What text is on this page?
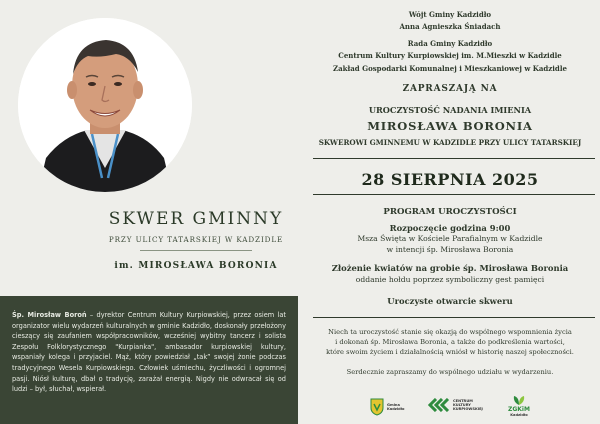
SKWER GMINNY
PRZY ULICY TATARSKIEJ W KADZIDLE
im. MIROSŁAWA BORONIA
Śp. Mirosław Boroń – dyrektor Centrum Kultury Kurpiowskiej, przez osiem lat organizator wielu wydarzeń kulturalnych w gminie Kadzidło, doskonały przełożony cieszący się zaufaniem współpracowników, wcześniej wybitny tancerz i solista Zespołu Folklorystycznego "Kurpianka", ambasador kurpiowskiej kultury, wspaniały kolega i przyjaciel. Mąż, który powiedział „tak” swojej żonie podczas tradycyjnego Wesela Kurpiowskiego. Człowiek uśmiechu, życzliwości i ogromnej pasji. Niósł kulturę, dbał o tradycję, zarażał energią. Nigdy nie odwracał się od ludzi – był, słuchał, wspierał.
Wójt Gminy Kadzidło
Anna Agnieszka Śniadach
Rada Gminy Kadzidło
Centrum Kultury Kurpiowskiej im. M.Mieszki w Kadzidle
Zakład Gospodarki Komunalnej i Mieszkaniowej w Kadzidle
ZAPRASZAJĄ NA
UROCZYSTOŚĆ NADANIA IMIENIA
MIROSŁAWA BORONIA
SKWEROWI GMINNEMU W KADZIDLE PRZY ULICY TATARSKIEJ
28 SIERPNIA 2025
PROGRAM UROCZYSTOŚCI
Rozpoczęcie godzina 9:00
Msza Święta w Kościele Parafialnym w Kadzidle
w intencji śp. Mirosława Boronia
Złożenie kwiatów na grobie śp. Mirosława Boronia
oddanie hołdu poprzez symboliczny gest pamięci
Uroczyste otwarcie skweru
Niech ta uroczystość stanie się okazją do wspólnego wspomnienia życia
i dokonań śp. Mirosława Boronia, a także do podkreślenia wartości,
które swoim życiem i działalnością wniósł w historię naszej społeczności.
Serdecznie zapraszamy do wspólnego udziału w wydarzeniu.
Gmina
Kadzidło
CENTRUM
KULTURY
KURPIOWSKIEJ	ZGKiM
Kadzidło
